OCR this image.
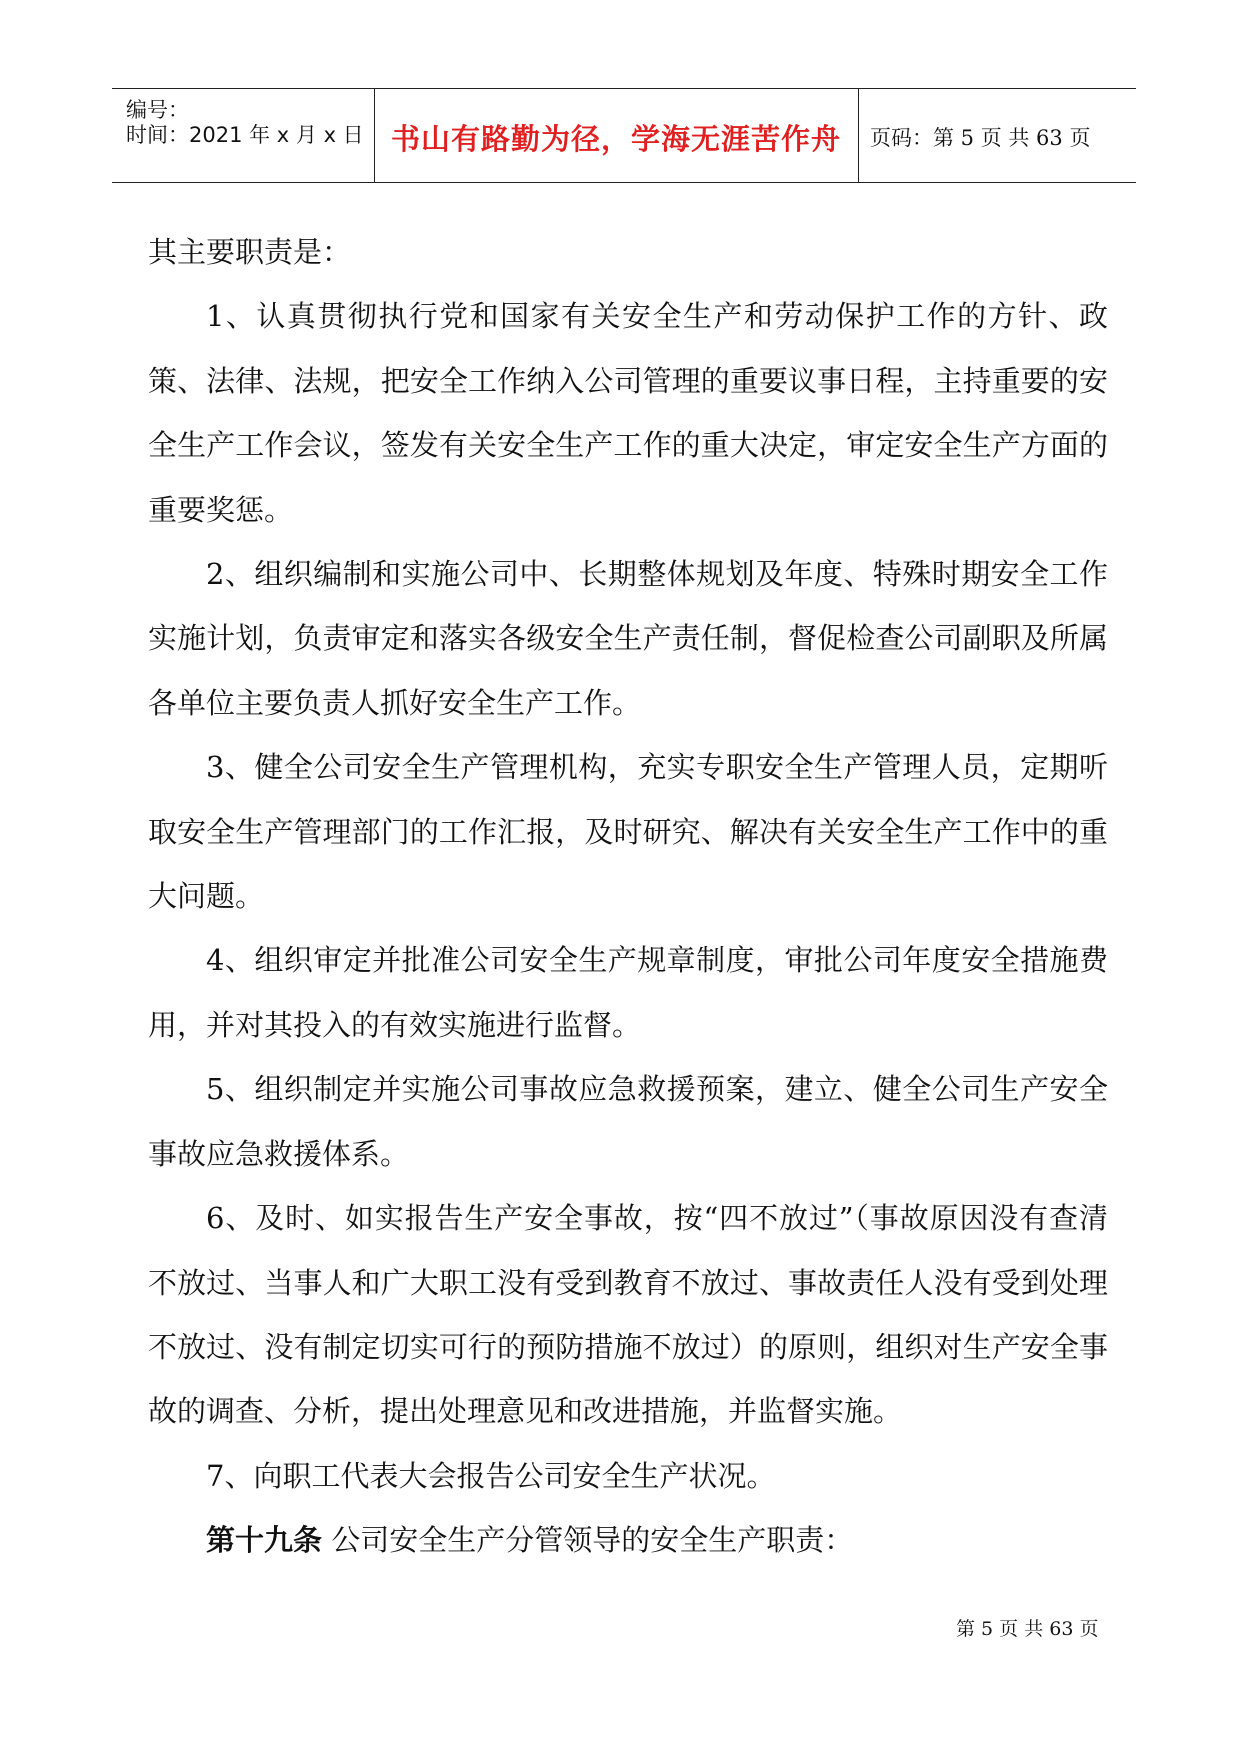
编号：
时间：2021 年 x 月 x 日 书山有路勤为径，学海无涯苦作舟	页码：第 5 页 共 63 页

其主要职责是：

1、认真贯彻执行党和国家有关安全生产和劳动保护工作的方针、政策、法律、法规，把安全工作纳入公司管理的重要议事日程，主持重要的安全生产工作会议，签发有关安全生产工作的重大决定，审定安全生产方面的重要奖惩。

2、组织编制和实施公司中、长期整体规划及年度、特殊时期安全工作实施计划，负责审定和落实各级安全生产责任制，督促检查公司副职及所属各单位主要负责人抓好安全生产工作。

3、健全公司安全生产管理机构，充实专职安全生产管理人员，定期听取安全生产管理部门的工作汇报，及时研究、解决有关安全生产工作中的重大问题。

4、组织审定并批准公司安全生产规章制度，审批公司年度安全措施费用，并对其投入的有效实施进行监督。

5、组织制定并实施公司事故应急救援预案，建立、健全公司生产安全事故应急救援体系。

6、及时、如实报告生产安全事故，按“四不放过”（事故原因没有查清不放过、当事人和广大职工没有受到教育不放过、事故责任人没有受到处理不放过、没有制定切实可行的预防措施不放过）的原则，组织对生产安全事故的调查、分析，提出处理意见和改进措施，并监督实施。

7、向职工代表大会报告公司安全生产状况。

第十九条 公司安全生产分管领导的安全生产职责：

第 5 页 共 63 页
